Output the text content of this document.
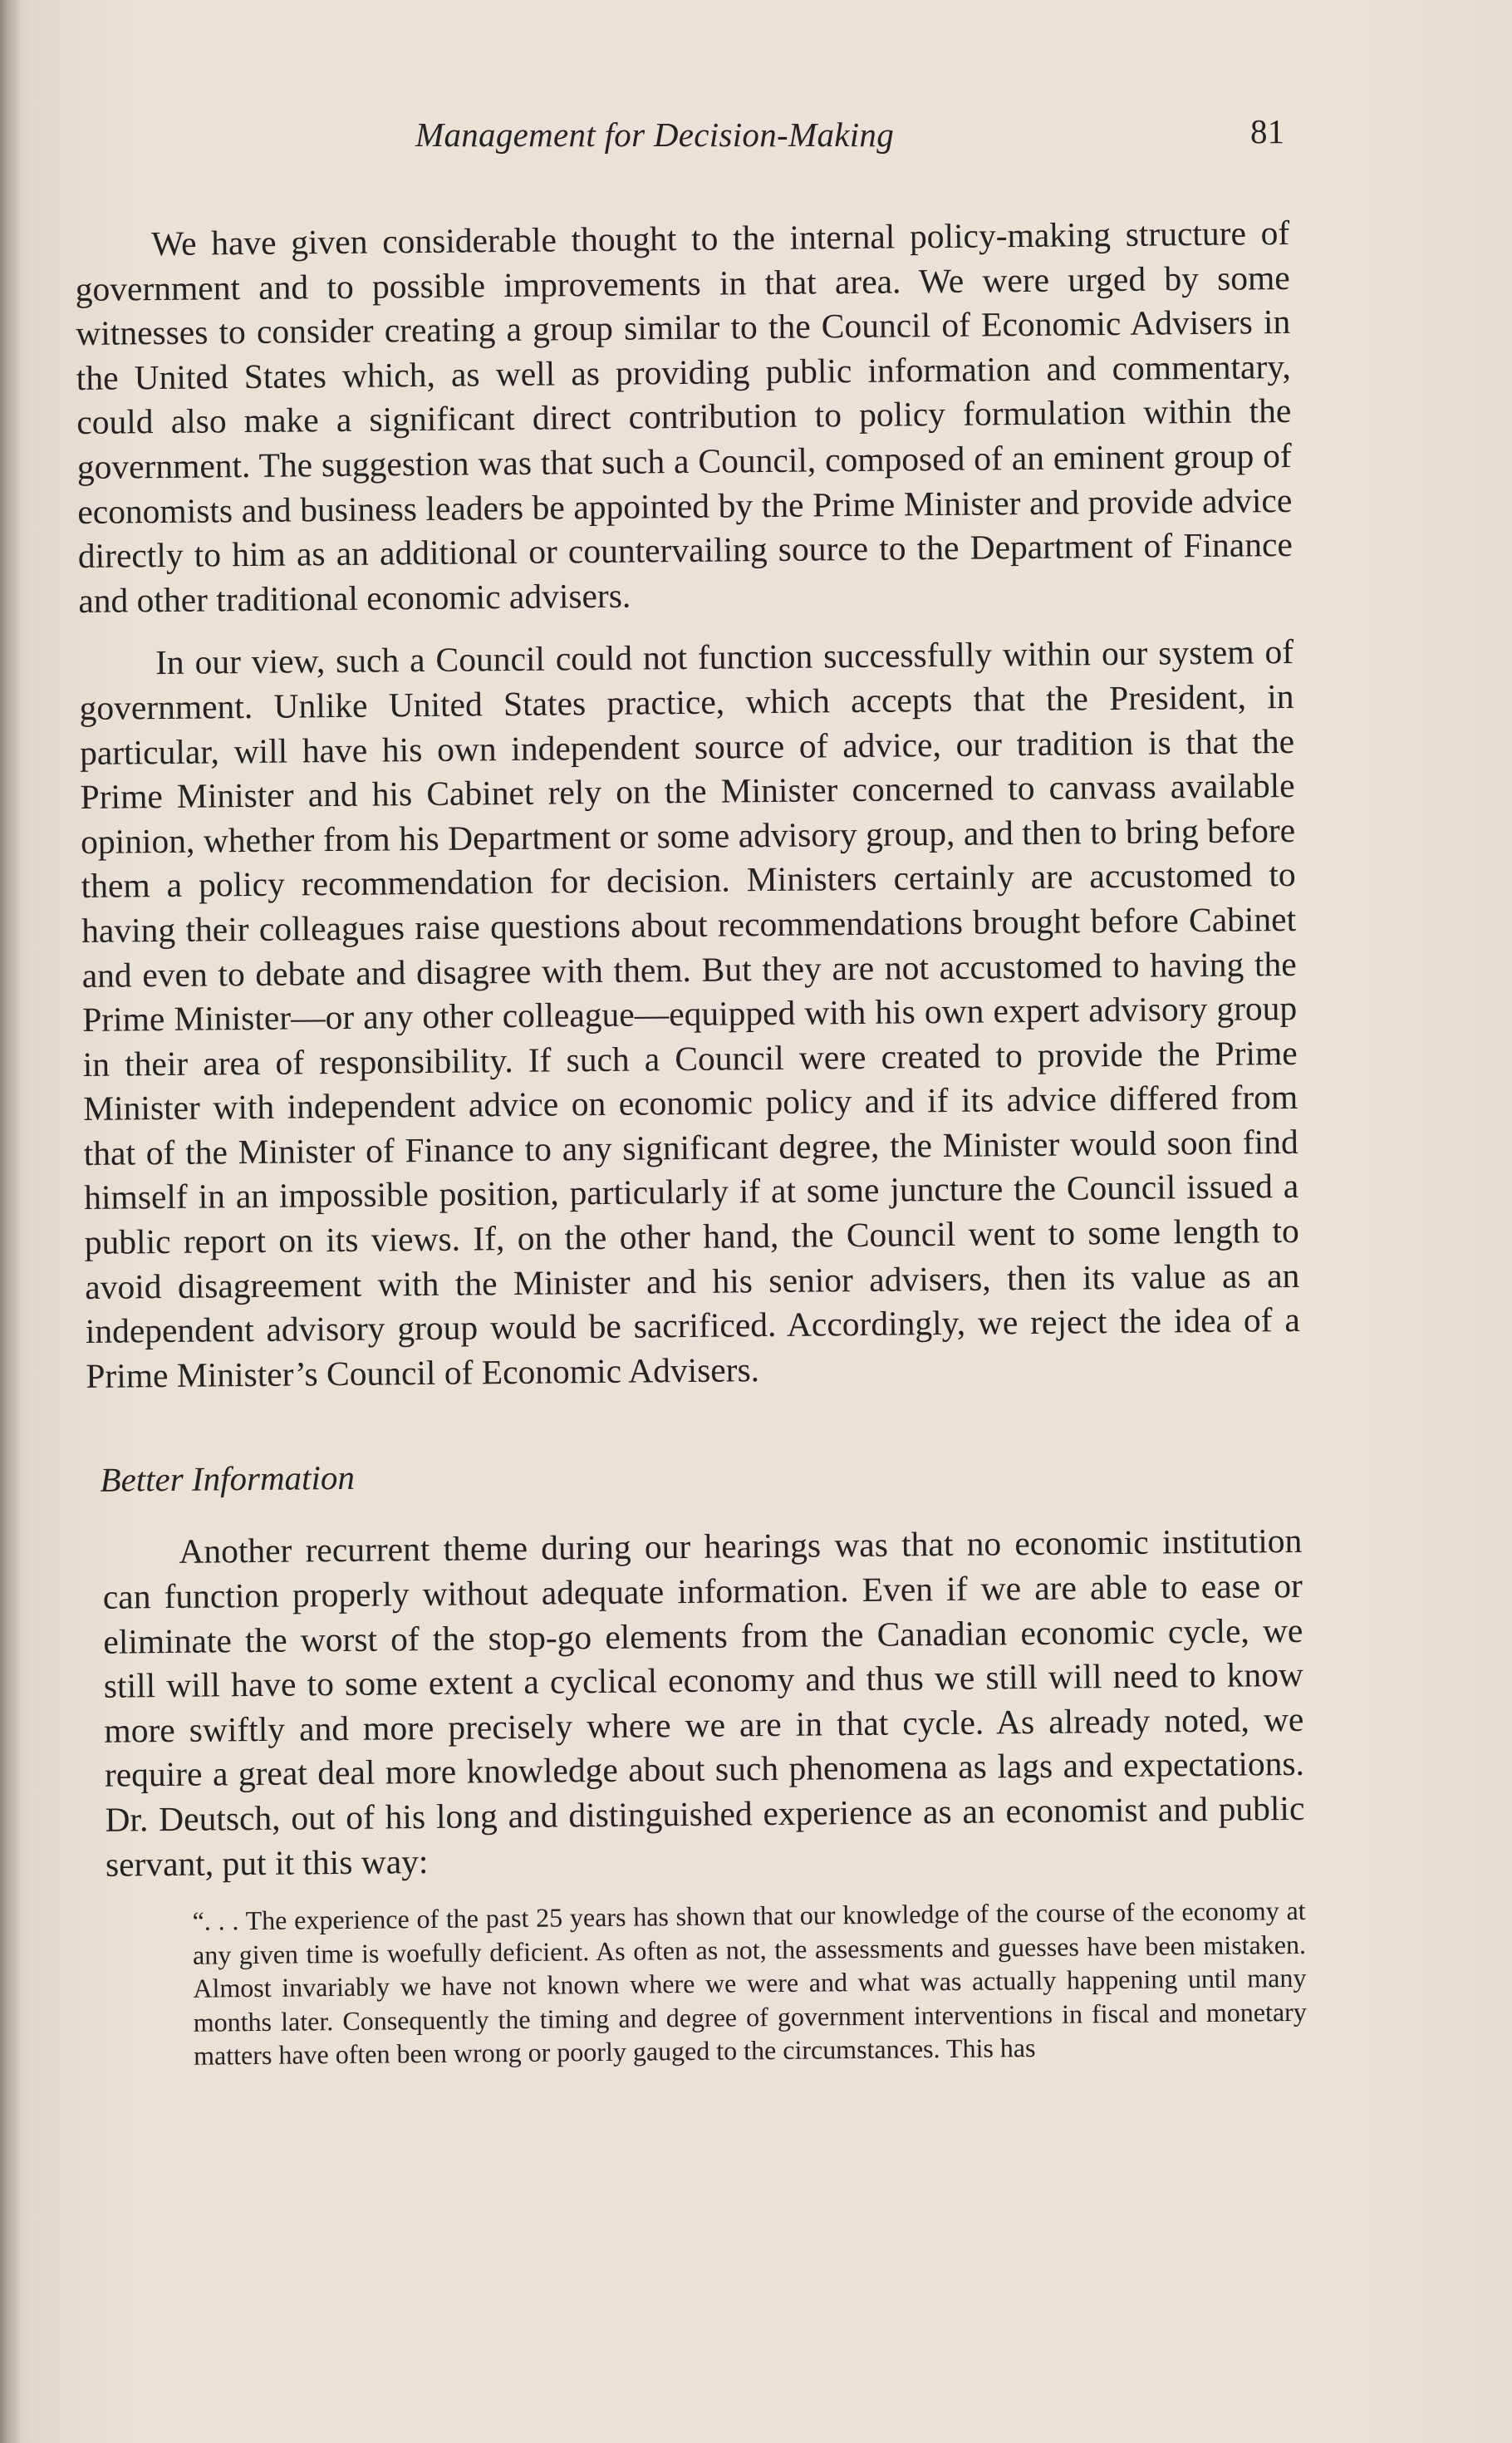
Management for Decision-Making	81

We have given considerable thought to the internal policy-making structure of government and to possible improvements in that area. We were urged by some witnesses to consider creating a group similar to the Council of Economic Advisers in the United States which, as well as providing public information and commentary, could also make a significant direct contribution to policy formulation within the government. The suggestion was that such a Council, composed of an eminent group of economists and business leaders be appointed by the Prime Minister and provide advice directly to him as an additional or countervailing source to the Department of Finance and other traditional economic advisers.

In our view, such a Council could not function successfully within our system of government. Unlike United States practice, which accepts that the President, in particular, will have his own independent source of advice, our tradition is that the Prime Minister and his Cabinet rely on the Minister concerned to canvass available opinion, whether from his Department or some advisory group, and then to bring before them a policy recommendation for decision. Ministers certainly are accustomed to having their colleagues raise questions about recommendations brought before Cabinet and even to debate and disagree with them. But they are not accustomed to having the Prime Minister—or any other colleague—equipped with his own expert advisory group in their area of responsibility. If such a Council were created to provide the Prime Minister with independent advice on economic policy and if its advice differed from that of the Minister of Finance to any significant degree, the Minister would soon find himself in an impossible position, particularly if at some juncture the Council issued a public report on its views. If, on the other hand, the Council went to some length to avoid disagreement with the Minister and his senior advisers, then its value as an independent advisory group would be sacrificed. Accordingly, we reject the idea of a Prime Minister’s Council of Economic Advisers.

Better Information

Another recurrent theme during our hearings was that no economic institution can function properly without adequate information. Even if we are able to ease or eliminate the worst of the stop-go elements from the Canadian economic cycle, we still will have to some extent a cyclical economy and thus we still will need to know more swiftly and more precisely where we are in that cycle. As already noted, we require a great deal more knowledge about such phenomena as lags and expectations. Dr. Deutsch, out of his long and distinguished experience as an economist and public servant, put it this way:

“. . . The experience of the past 25 years has shown that our knowledge of the course of the economy at any given time is woefully deficient. As often as not, the assessments and guesses have been mistaken. Almost invariably we have not known where we were and what was actually happening until many months later. Consequently the timing and degree of government interventions in fiscal and monetary matters have often been wrong or poorly gauged to the circumstances. This has
